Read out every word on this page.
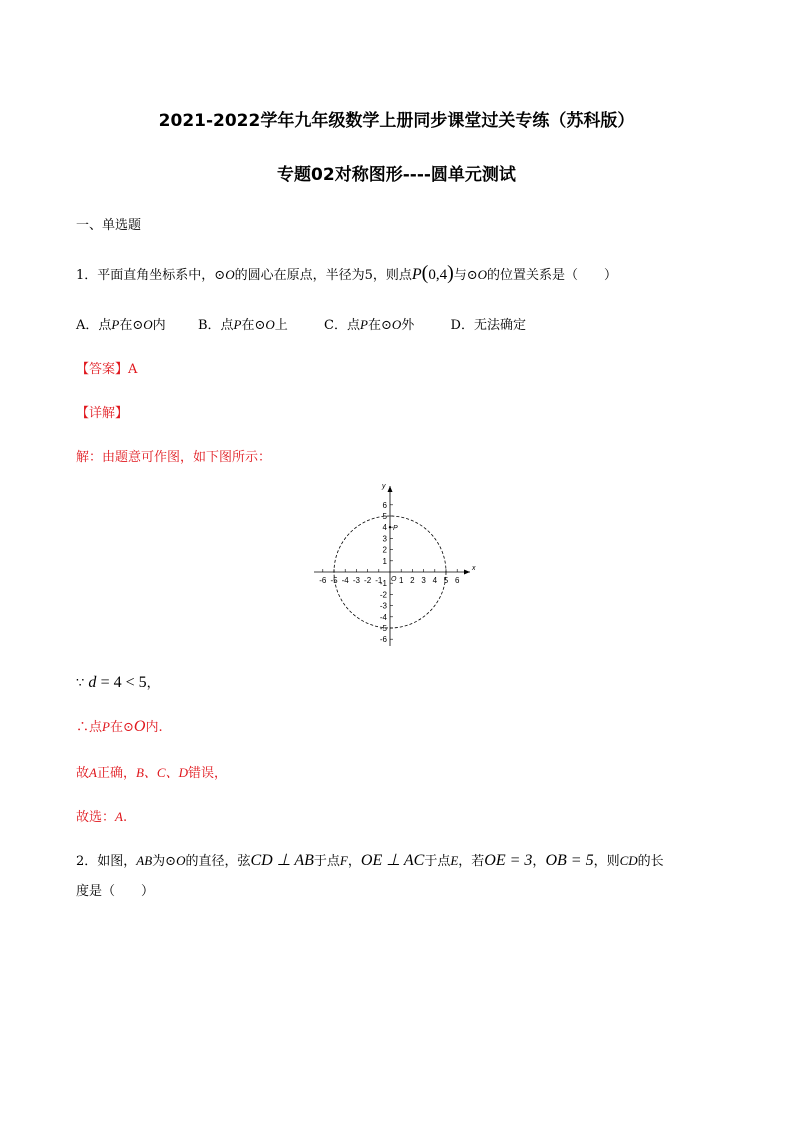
2021-2022学年九年级数学上册同步课堂过关专练（苏科版）
专题02对称图形----圆单元测试
一、单选题
1．平面直角坐标系中，⊙O的圆心在原点，半径为5，则点P(0,4)与⊙O的位置关系是（　　）
A．点P在⊙O内 B．点P在⊙O上	C．点P在⊙O外	D．无法确定
【答案】A
【详解】
解：由题意可作图，如下图所示：
-6 -5 -4 -3 -2 -1 1 2 3 4 5 6
6
5
4
3
2
1
-1
-2
-3
-4
-5
-6
x
y
O
P
∵ d = 4 < 5，
∴点P在⊙O内.
故A正确，B、C、D错误，
故选：A.
2．如图，AB为⊙O的直径，弦CD ⊥ AB于点F，OE ⊥ AC于点E，若OE = 3，OB = 5，则CD的长
度是（　　）
